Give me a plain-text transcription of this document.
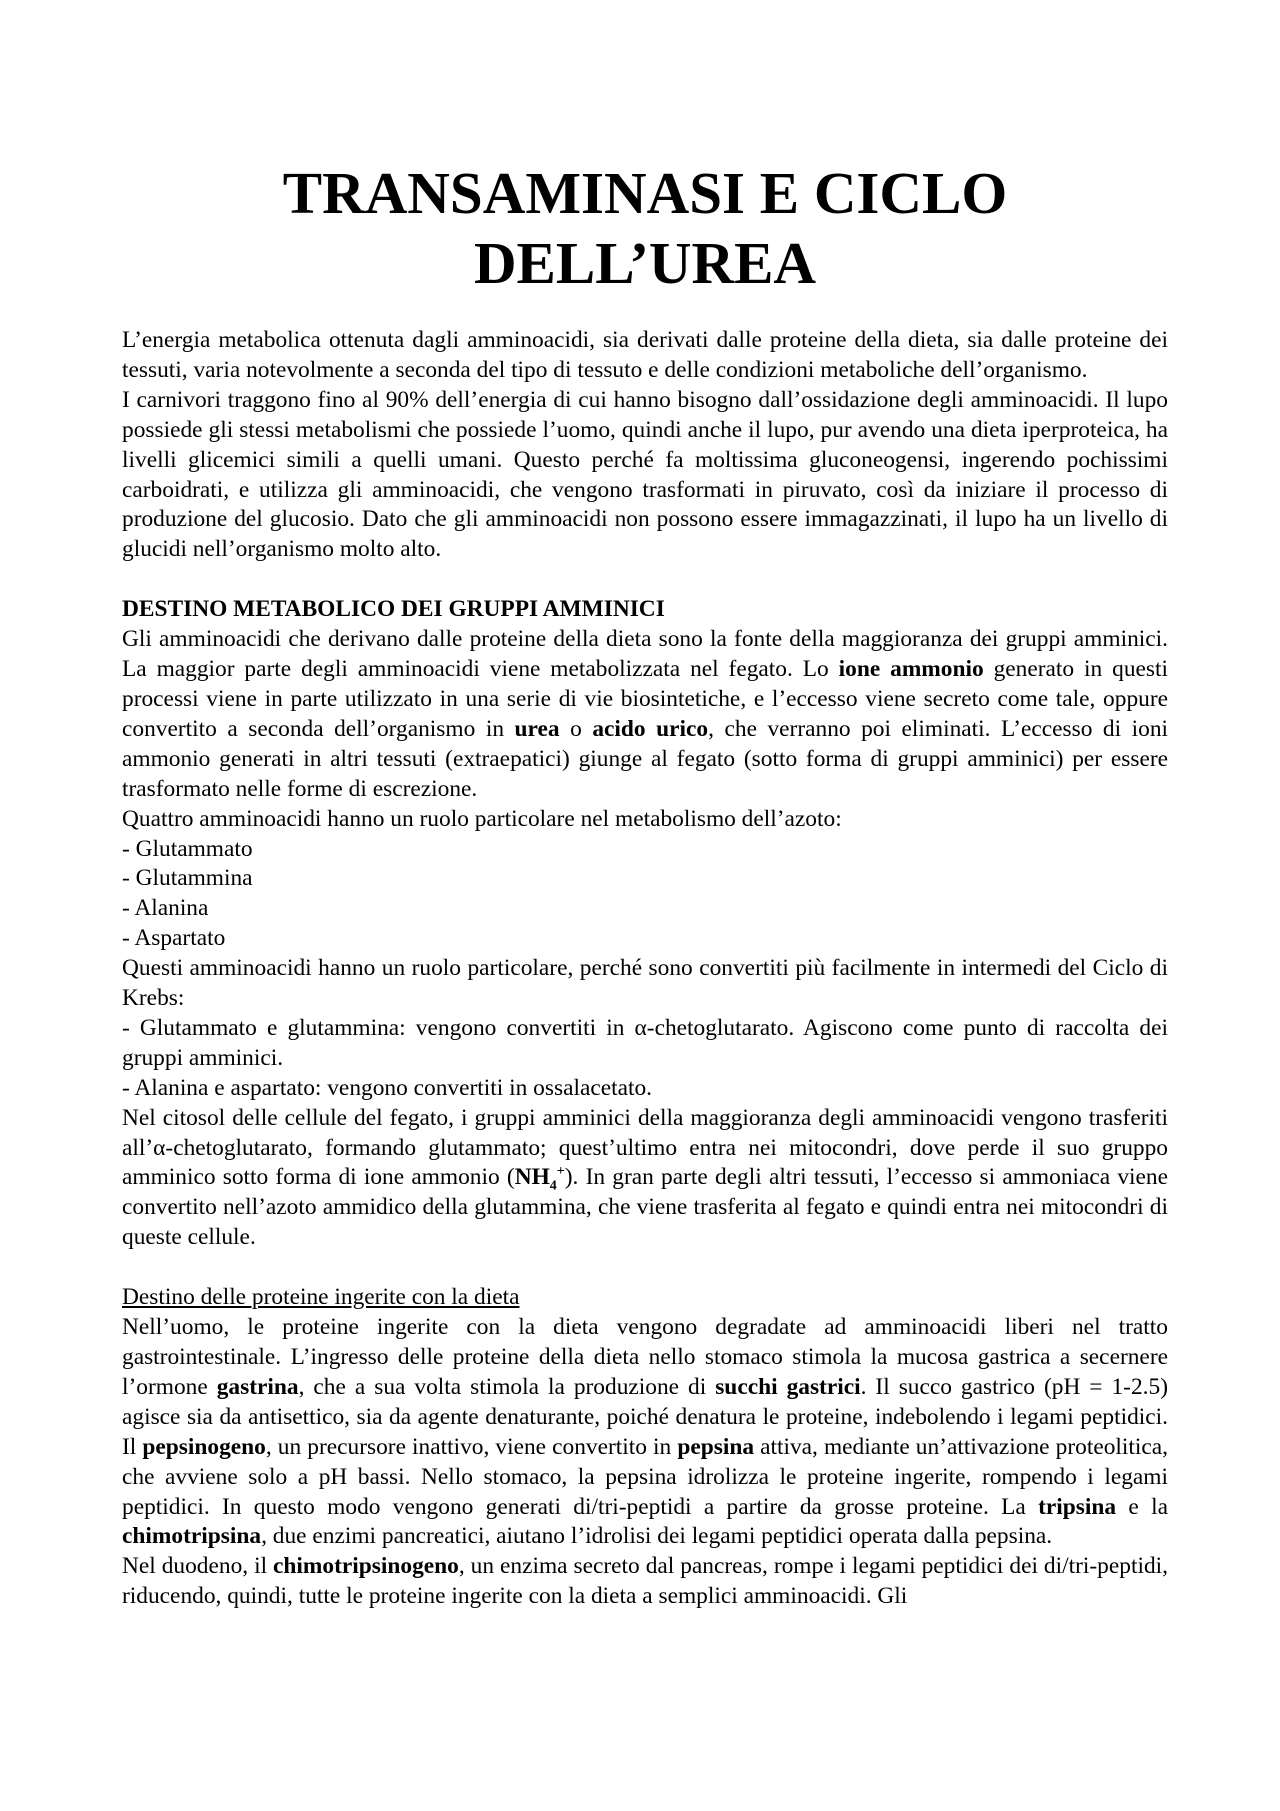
TRANSAMINASI E CICLO
DELL’UREA

L’energia metabolica ottenuta dagli amminoacidi, sia derivati dalle proteine della dieta, sia dalle proteine dei tessuti, varia notevolmente a seconda del tipo di tessuto e delle condizioni metaboliche dell’organismo.

I carnivori traggono fino al 90% dell’energia di cui hanno bisogno dall’ossidazione degli amminoacidi. Il lupo possiede gli stessi metabolismi che possiede l’uomo, quindi anche il lupo, pur avendo una dieta iperproteica, ha livelli glicemici simili a quelli umani. Questo perché fa moltissima gluconeogensi, ingerendo pochissimi carboidrati, e utilizza gli amminoacidi, che vengono trasformati in piruvato, così da iniziare il processo di produzione del glucosio. Dato che gli amminoacidi non possono essere immagazzinati, il lupo ha un livello di glucidi nell’organismo molto alto.

DESTINO METABOLICO DEI GRUPPI AMMINICI

Gli amminoacidi che derivano dalle proteine della dieta sono la fonte della maggioranza dei gruppi amminici. La maggior parte degli amminoacidi viene metabolizzata nel fegato. Lo ione ammonio generato in questi processi viene in parte utilizzato in una serie di vie biosintetiche, e l’eccesso viene secreto come tale, oppure convertito a seconda dell’organismo in urea o acido urico, che verranno poi eliminati. L’eccesso di ioni ammonio generati in altri tessuti (extraepatici) giunge al fegato (sotto forma di gruppi amminici) per essere trasformato nelle forme di escrezione.

Quattro amminoacidi hanno un ruolo particolare nel metabolismo dell’azoto:

- Glutammato
- Glutammina
- Alanina
- Aspartato

Questi amminoacidi hanno un ruolo particolare, perché sono convertiti più facilmente in intermedi del Ciclo di Krebs:

- Glutammato e glutammina: vengono convertiti in α-chetoglutarato. Agiscono come punto di raccolta dei gruppi amminici.

- Alanina e aspartato: vengono convertiti in ossalacetato.

Nel citosol delle cellule del fegato, i gruppi amminici della maggioranza degli amminoacidi vengono trasferiti all’α-chetoglutarato, formando glutammato; quest’ultimo entra nei mitocondri, dove perde il suo gruppo amminico sotto forma di ione ammonio $(NH_4^+)$. In gran parte degli altri tessuti, l’eccesso si ammoniaca viene convertito nell’azoto ammidico della glutammina, che viene trasferita al fegato e quindi entra nei mitocondri di queste cellule.

Destino delle proteine ingerite con la dieta

Nell’uomo, le proteine ingerite con la dieta vengono degradate ad amminoacidi liberi nel tratto gastrointestinale. L’ingresso delle proteine della dieta nello stomaco stimola la mucosa gastrica a secernere l’ormone gastrina, che a sua volta stimola la produzione di succhi gastrici. Il succo gastrico (pH = 1-2.5) agisce sia da antisettico, sia da agente denaturante, poiché denatura le proteine, indebolendo i legami peptidici. Il pepsinogeno, un precursore inattivo, viene convertito in pepsina attiva, mediante un’attivazione proteolitica, che avviene solo a pH bassi. Nello stomaco, la pepsina idrolizza le proteine ingerite, rompendo i legami peptidici. In questo modo vengono generati di/tri-peptidi a partire da grosse proteine. La tripsina e la chimotripsina, due enzimi pancreatici, aiutano l’idrolisi dei legami peptidici operata dalla pepsina.

Nel duodeno, il chimotripsinogeno, un enzima secreto dal pancreas, rompe i legami peptidici dei di/tri-peptidi, riducendo, quindi, tutte le proteine ingerite con la dieta a semplici amminoacidi. Gli
